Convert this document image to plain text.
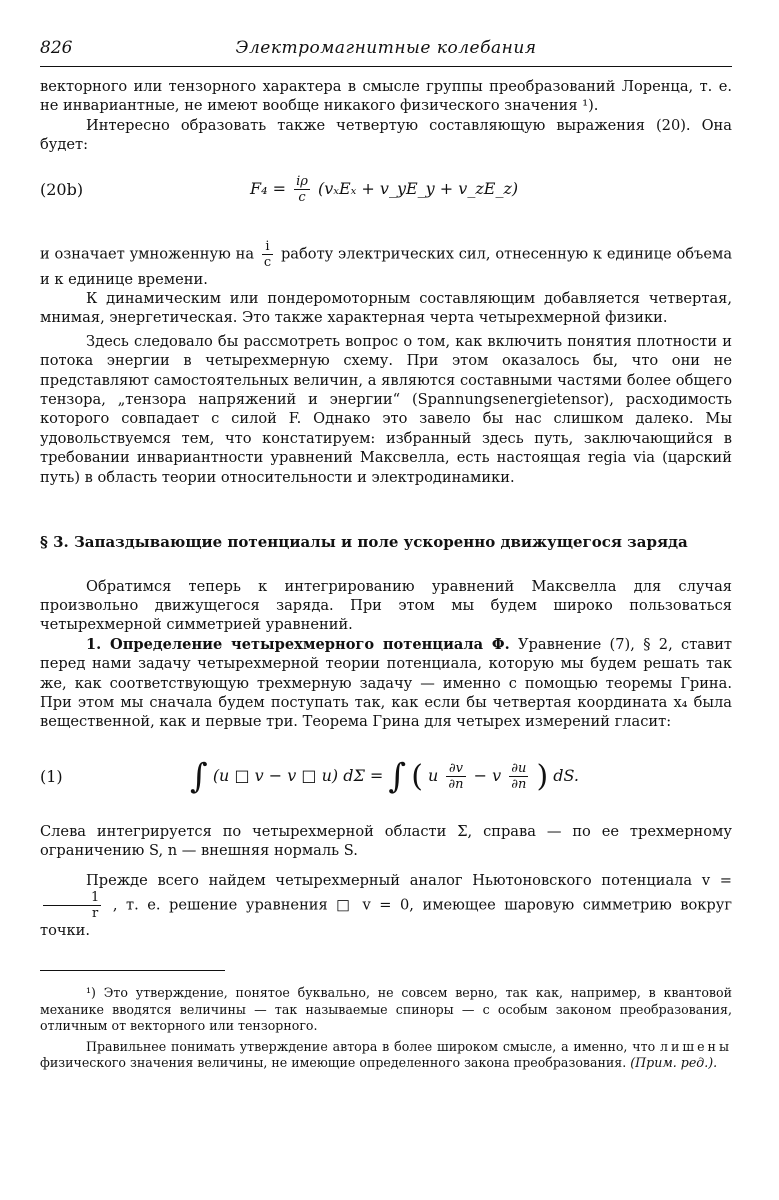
826	Электромагнитные колебания

векторного или тензорного характера в смысле группы преобразований Лоренца, т. е. не инвариантные, не имеют вообще никакого физического значения ¹).

Интересно образовать также четвертую составляющую выражения (20). Она будет:

(20b)	$F_4 = \frac{i\rho}{c} (v_xE_x$ + v_yE_y + v_zE_z)

и означает умноженную на $\frac{i}{c}$ работу электрических сил, отнесенную к единице объема и к единице времени.

К динамическим или пондеромоторным составляющим добавляется четвертая, мнимая, энергетическая. Это также характерная черта четырехмерной физики.

Здесь следовало бы рассмотреть вопрос о том, как включить понятия плотности и потока энергии в четырехмерную схему. При этом оказалось бы, что они не представляют самостоятельных величин, а являются составными частями более общего тензора, „тензора напряжений и энергии“ (Spannungsenergietensor), расходимость которого совпадает с силой F. Однако это завело бы нас слишком далеко. Мы удовольствуемся тем, что констатируем: избранный здесь путь, заключающийся в требовании инвариантности уравнений Максвелла, есть настоящая regia via (царский путь) в область теории относительности и электродинамики.

§ 3. Запаздывающие потенциалы и поле ускоренно движущегося заряда

Обратимся теперь к интегрированию уравнений Максвелла для случая произвольно движущегося заряда. При этом мы будем широко пользоваться четырехмерной симметрией уравнений.

1. Определение четырехмерного потенциала Φ. Уравнение (7), § 2, ставит перед нами задачу четырехмерной теории потенциала, которую мы будем решать так же, как соответствующую трехмерную задачу — именно с помощью теоремы Грина. При этом мы сначала будем поступать так, как если бы четвертая координата x₄ была вещественной, как и первые три. Теорема Грина для четырех измерений гласит:

(1)	∫ (u □ v − v □ u) dΣ = ∫ ( u $\frac{\partial v}{\partial n} - v \frac{\partial u}{\partial n}$ ) dS.

Слева интегрируется по четырехмерной области Σ, справа — по ее трехмерному ограничению S, n — внешняя нормаль S.

Прежде всего найдем четырехмерный аналог Ньютоновского потенциала v =
$\frac{1}{r}$ , т. е. решение уравнения □ v = 0, имеющее шаровую симметрию вокруг точки.

¹) Это утверждение, понятое буквально, не совсем верно, так как, например, в квантовой механике вводятся величины — так называемые спиноры — с особым законом преобразования, отличным от векторного или тензорного.

Правильнее понимать утверждение автора в более широком смысле, а именно, что лишены физического значения величины, не имеющие определенного закона преобразования. (Прим. ред.).
